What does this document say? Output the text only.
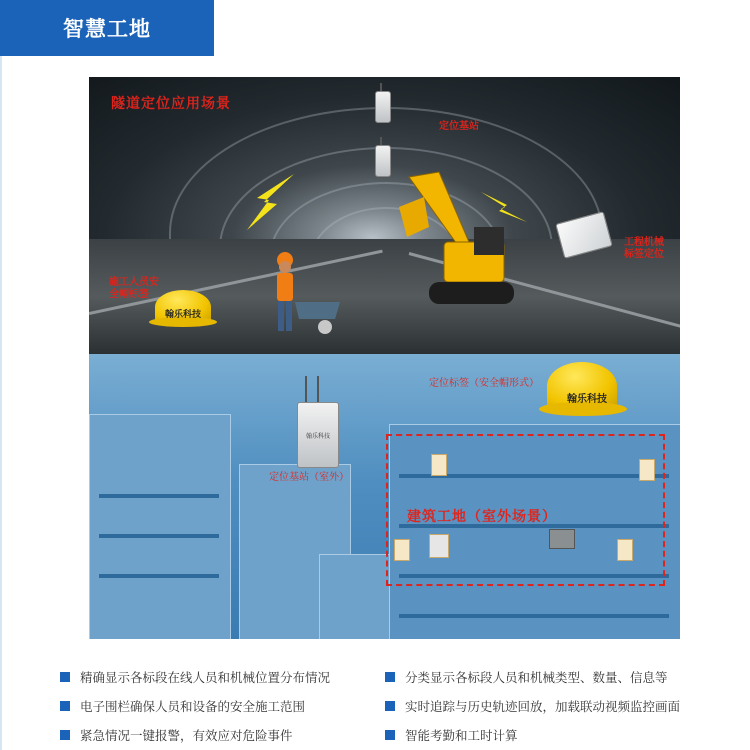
智慧工地
隧道定位应用场景
定位基站
工程机械
标签定位
翰乐科技
施工人员安
全帽标签
翰乐科技
定位基站（室外）
翰乐科技
定位标签（安全帽形式）
建筑工地（室外场景）
精确显示各标段在线人员和机械位置分布情况	分类显示各标段人员和机械类型、数量、信息等
电子围栏确保人员和设备的安全施工范围	实时追踪与历史轨迹回放，加载联动视频监控画面
紧急情况一键报警，有效应对危险事件	智能考勤和工时计算
